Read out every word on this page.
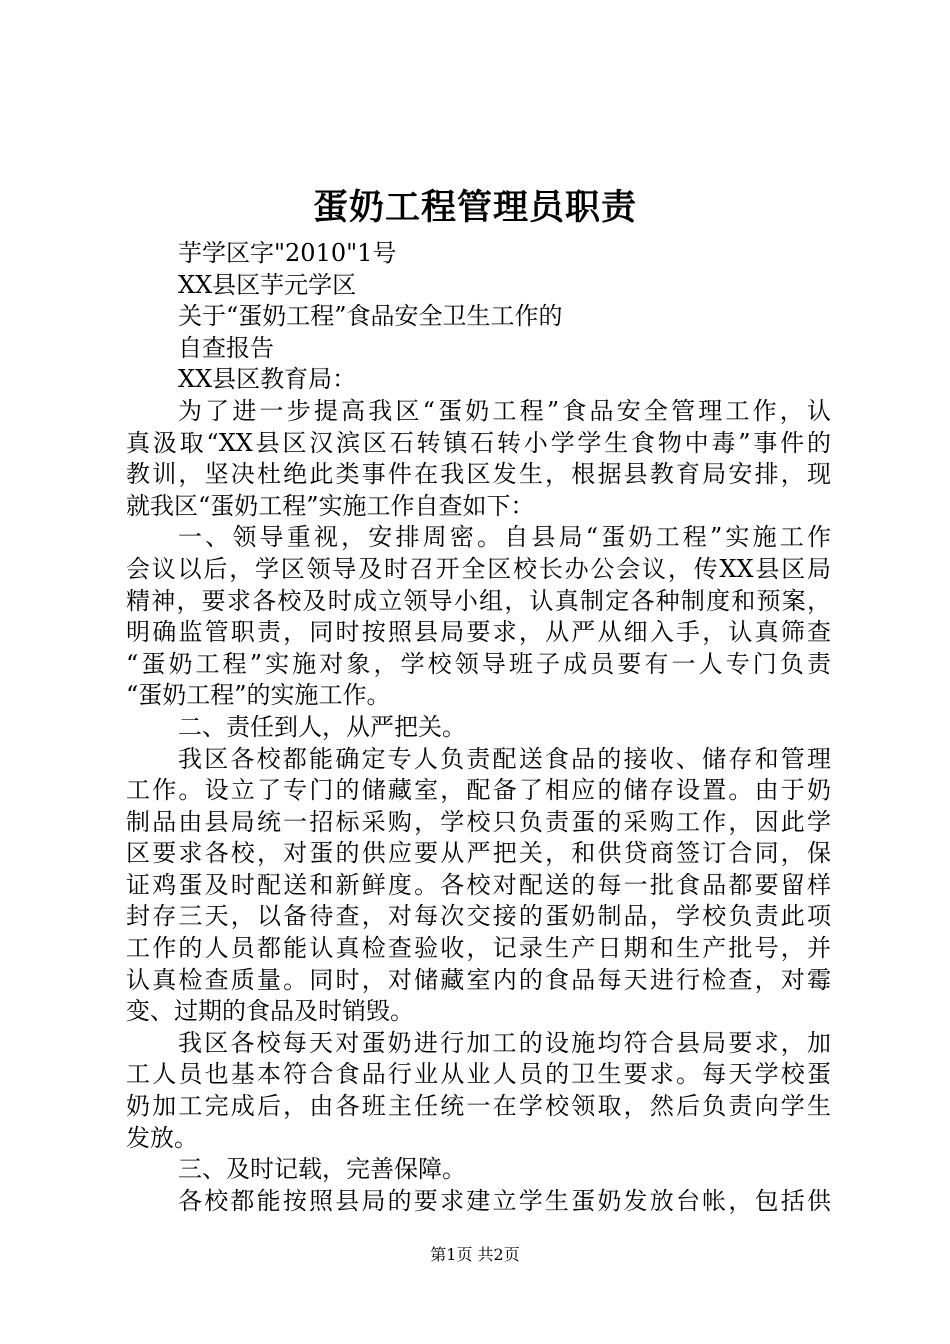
蛋奶工程管理员职责
芋学区字"2010"1号
XX县区芋元学区
关于“蛋奶工程”食品安全卫生工作的
自查报告
XX县区教育局：
为了进一步提高我区“蛋奶工程”食品安全管理工作，认
真汲取“XX县区汉滨区石转镇石转小学学生食物中毒”事件的
教训，坚决杜绝此类事件在我区发生，根据县教育局安排，现
就我区“蛋奶工程”实施工作自查如下：
一、领导重视，安排周密。自县局“蛋奶工程”实施工作
会议以后，学区领导及时召开全区校长办公会议，传XX县区局
精神，要求各校及时成立领导小组，认真制定各种制度和预案，
明确监管职责，同时按照县局要求，从严从细入手，认真筛查
“蛋奶工程”实施对象，学校领导班子成员要有一人专门负责
“蛋奶工程”的实施工作。
二、责任到人，从严把关。
我区各校都能确定专人负责配送食品的接收、储存和管理
工作。设立了专门的储藏室，配备了相应的储存设置。由于奶
制品由县局统一招标采购，学校只负责蛋的采购工作，因此学
区要求各校，对蛋的供应要从严把关，和供贷商签订合同，保
证鸡蛋及时配送和新鲜度。各校对配送的每一批食品都要留样
封存三天，以备待查，对每次交接的蛋奶制品，学校负责此项
工作的人员都能认真检查验收，记录生产日期和生产批号，并
认真检查质量。同时，对储藏室内的食品每天进行检查，对霉
变、过期的食品及时销毁。
我区各校每天对蛋奶进行加工的设施均符合县局要求，加
工人员也基本符合食品行业从业人员的卫生要求。每天学校蛋
奶加工完成后，由各班主任统一在学校领取，然后负责向学生
发放。
三、及时记载，完善保障。
各校都能按照县局的要求建立学生蛋奶发放台帐，包括供
第1页 共2页
